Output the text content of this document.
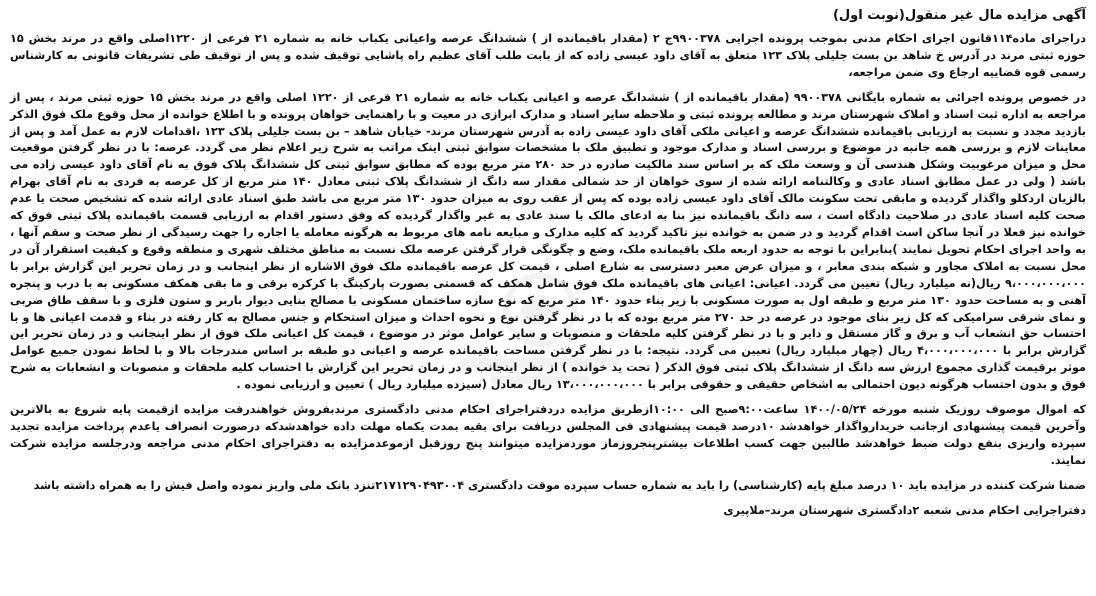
آگهی مزایده مال غیر منقول(نوبت اول)

دراجرای ماده۱۱۴قانون اجرای احکام مدنی بموجب پرونده اجرایی ۹۹۰۰۳۷۸ج ۲ (مقدار باقیمانده از ) ششدانگ عرصه واعیانی یکباب خانه به شماره ۲۱ فرعی از ۱۲۲۰اصلی واقع در مرند بخش ۱۵ حوزه ثبتی مرند در آدرس خ شاهد بن بست جلیلی پلاک ۱۲۳ متعلق به آقای داود عیسی زاده که از بابت طلب آقای عظیم راه پاشایی توقیف شده و پس از توقیف طی تشریفات قانونی به کارشناس رسمی قوه قضاییه ارجاع وی ضمن مراجعه،

در خصوص پرونده اجرائی به شماره بایگانی ۹۹۰۰۳۷۸ (مقدار باقیمانده از ) ششدانگ عرصه و اعیانی یکباب خانه به شماره ۲۱ فرعی از ۱۲۲۰ اصلی واقع در مرند بخش ۱۵ حوزه ثبتی مرند ، پس از مراجعه به اداره ثبت اسناد و املاک شهرستان مرند و مطالعه پرونده ثبتی و ملاحظه سایر اسناد و مدارک ابرازی در معیت و با راهنمایی خواهان پرونده و با اطلاع خوانده از محل وقوع ملک فوق الذکر بازدید مجدد و نسبت به ارزیابی باقیمانده ششدانگ عرصه و اعیانی ملکی آقای داود عیسی زاده به آدرس شهرستان مرند- خیابان شاهد – بن بست جلیلی پلاک ۱۲۳ ،اقدامات لازم به عمل آمد و پس از معاینات لازم و بررسی همه جانبه در موضوع و بررسی اسناد و مدارک موجود و تطبیق ملک با مشخصات سوابق ثبتی اینک مراتب به شرح زیر اعلام نظر می گردد. عرصه: با در نظر گرفتن موقعیت محل و میزان مرغوبیت وشکل هندسی آن و وسعت ملک که بر اساس سند مالکیت صادره در حد ۲۸۰ متر مربع بوده که مطابق سوابق ثبتی کل ششدانگ پلاک فوق به نام آقای داود عیسی زاده می باشد ( ولی در عمل مطابق اسناد عادی و وکالتنامه ارائه شده از سوی خواهان از حد شمالی مقدار سه دانگ از ششدانگ پلاک ثبتی معادل ۱۴۰ متر مربع از کل عرصه به فردی به نام آقای بهرام بالزیان اردکلو واگذار گردیده و مابقی تحت سکونت مالک آقای داود عیسی زاده بوده که پس از عقب روی به میزان حدود ۱۳۰ متر مربع می باشد طبق اسناد عادی ارائه شده که تشخیص صحت یا عدم صحت کلیه اسناد عادی در صلاحیت دادگاه است ، سه دانگ باقیمانده نیز بنا به ادعای مالک با سند عادی به غیر واگذار گردیده که وفق دستور اقدام به ارزیابی قسمت باقیمانده پلاک ثبتی فوق که خوانده نیز فعلا در آنجا ساکن است اقدام گردید و در ضمن به خوانده نیز تاکید گردید که کلیه مدارک و مبایعه نامه های مربوط به هرگونه معامله یا اجاره را جهت رسیدگی از نظر صحت و سقم آنها ، به واحد اجرای احکام تحویل نمایند )بنابراین با توجه به حدود اربعه ملک باقیمانده ملک، وضع و چگونگی قرار گرفتن عرصه ملک نسبت به مناطق مختلف شهری و منطقه وقوع و کیفیت استقرار آن در محل نسبت به املاک مجاور و شبکه بندی معابر ، و میزان عرض معبر دسترسی به شارع اصلی ، قیمت کل عرصه باقیمانده ملک فوق الاشاره از نظر اینجانب و در زمان تحریر این گزارش برابر با ۹،۰۰۰،۰۰۰،۰۰۰ ریال(نه میلیارد ریال) تعیین می گردد. اعیانی: اعیانی های باقیمانده ملک فوق شامل همکف که قسمتی بصورت پارکینگ با کرکره برقی و ما بقی همکف مسکونی به با درب و پنجره آهنی و به مساحت حدود ۱۳۰ متر مربع و طبقه اول به صورت مسکونی با زیر بناء حدود ۱۴۰ متر مربع که نوع سازه ساختمان مسکونی با مصالح بنایی دیوار باربر و ستون فلزی و با سقف طاق ضربی و نمای شرقی سرامیکی که کل زیر بنای موجود در عرصه در حد ۲۷۰ متر مربع بوده که با در نظر گرفتن نوع و نحوه احداث و میزان استحکام و جنس مصالح به کار رفته در بناء و قدمت اعیانی ها و با احتساب حق انشعاب آب و برق و گاز مستقل و دایر و با در نظر گرفتن کلیه ملحقات و منصوبات و سایر عوامل موثر در موضوع ، قیمت کل اعیانی ملک فوق از نظر اینجانب و در زمان تحریر این گزارش برابر با ۴،۰۰۰،۰۰۰،۰۰۰ ریال (چهار میلیارد ریال) تعیین می گردد. نتیجه: با در نظر گرفتن مساحت باقیمانده عرصه و اعیانی دو طبقه بر اساس مندرجات بالا و با لحاظ نمودن جمیع عوامل موثر برقیمت گذاری مجموع ارزش سه دانگ از ششدانگ پلاک ثبتی فوق الذکر ( تحت ید خوانده ) از نظر اینجانب و در زمان تحریر این گزارش با احتساب کلیه ملحقات و منصوبات و انشعابات به شرح فوق و بدون احتساب هرگونه دیون احتمالی به اشخاص حقیقی و حقوقی برابر با ۱۳،۰۰۰،۰۰۰،۰۰۰ ریال معادل (سیزده میلیارد ریال ) تعیین و ارزیابی نموده .

که اموال موصوف روزیک شنبه مورخه ۱۴۰۰/۰۵/۲۴ ساعت۹:۰۰صبح الی ۱۰:۰۰ازطریق مزایده دردفتراجرای احکام مدنی دادگستری مرندبفروش خواهندرفت مزایده ازقیمت پایه شروع به بالاترین وآخرین قیمت پیشنهادی ازجانب خریدارواگذار خواهدشد ۱۰درصد قیمت پیشنهادی فی المجلس دریافت برای بقیه بمدت یکماه مهلت داده خواهدشدکه درصورت انصراف یاعدم پرداخت مزایده تجدید سپرده واریزی بنفع دولت ضبط خواهدشد طالبین جهت کسب اطلاعات بیشترپنجروزماز موردمزایده میتوانند پنج روزقبل ازموعدمزایده به دفتراجرای احکام مدنی مراجعه ودرجلسه مزایده شرکت نمایند.

ضمنا شرکت کننده در مزایده باید ۱۰ درصد مبلغ پایه (کارشناسی) را باید به شماره حساب سپرده موقت دادگستری ۲۱۷۱۲۹۰۴۹۳۰۰۴تنزد بانک ملی واریز نموده واصل فیش را به همراه داشته باشد

دفتراجرایی احکام مدنی شعبه ۲دادگستری شهرستان مرند–ملاپیری
